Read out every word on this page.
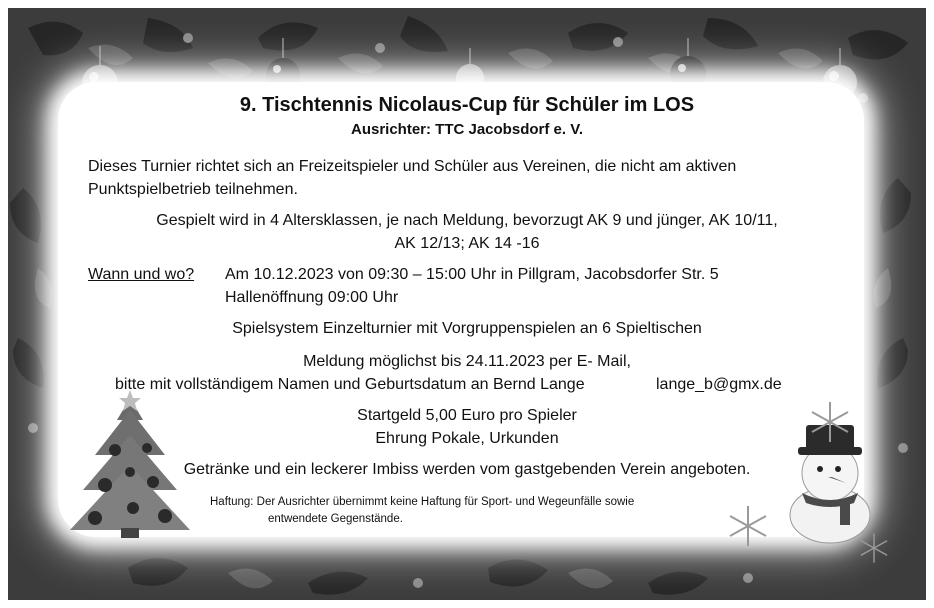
9. Tischtennis Nicolaus-Cup für Schüler im LOS
Ausrichter: TTC Jacobsdorf e. V.
Dieses Turnier richtet sich an Freizeitspieler und Schüler aus Vereinen, die nicht am aktiven
Punktspielbetrieb teilnehmen.
Gespielt wird in 4 Altersklassen, je nach Meldung, bevorzugt AK 9 und jünger, AK 10/11,
AK 12/13; AK 14 -16
Wann und wo? Am 10.12.2023 von 09:30 – 15:00 Uhr in Pillgram, Jacobsdorfer Str. 5
Hallenöffnung 09:00 Uhr
Spielsystem Einzelturnier mit Vorgruppenspielen an 6 Spieltischen
Meldung möglichst bis 24.11.2023 per E- Mail,
bitte mit vollständigem Namen und Geburtsdatum an Bernd Lange	lange_b@gmx.de
Startgeld 5,00 Euro pro Spieler
Ehrung Pokale, Urkunden
Getränke und ein leckerer Imbiss werden vom gastgebenden Verein angeboten.
Haftung: Der Ausrichter übernimmt keine Haftung für Sport- und Wegeunfälle sowie
entwendete Gegenstände.
